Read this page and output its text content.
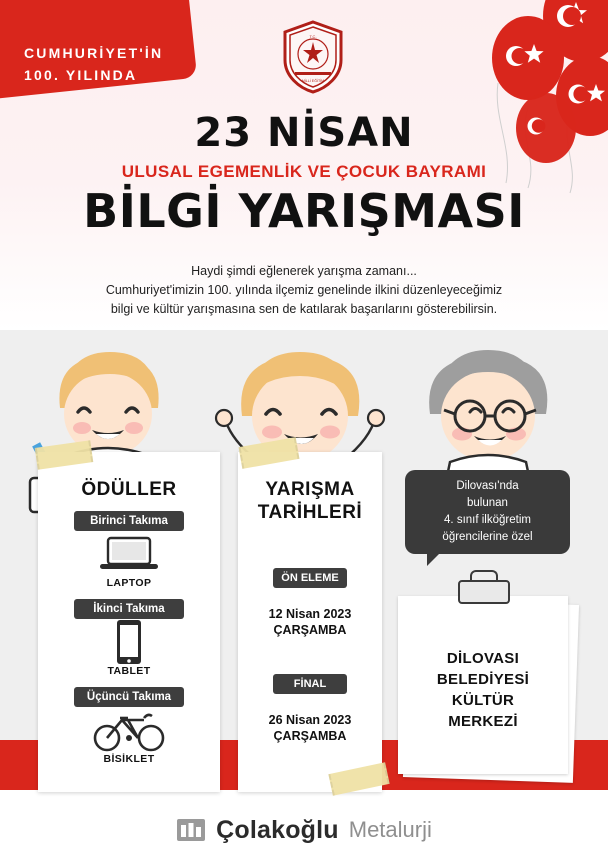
CUMHURİYET'İN
100. YILINDA
T.C.
MİLLİ EĞİTİM
23 NİSAN
ULUSAL EGEMENLİK VE ÇOCUK BAYRAMI
BİLGİ YARIŞMASI
Haydi şimdi eğlenerek yarışma zamanı...
Cumhuriyet'imizin 100. yılında ilçemiz genelinde ilkini düzenleyeceğimiz
bilgi ve kültür yarışmasına sen de katılarak başarılarını gösterebilirsin.
ÖDÜLLER
Birinci Takıma
LAPTOP
İkinci Takıma
TABLET
Üçüncü Takıma
BİSİKLET
YARIŞMA
TARİHLERİ
ÖN ELEME
12 Nisan 2023
ÇARŞAMBA
FİNAL
26 Nisan 2023
ÇARŞAMBA
Dilovası'nda
bulunan
4. sınıf ilköğretim
öğrencilerine özel
DİLOVASI
BELEDİYESİ
KÜLTÜR
MERKEZİ
Çolakoğlu Metalurji
